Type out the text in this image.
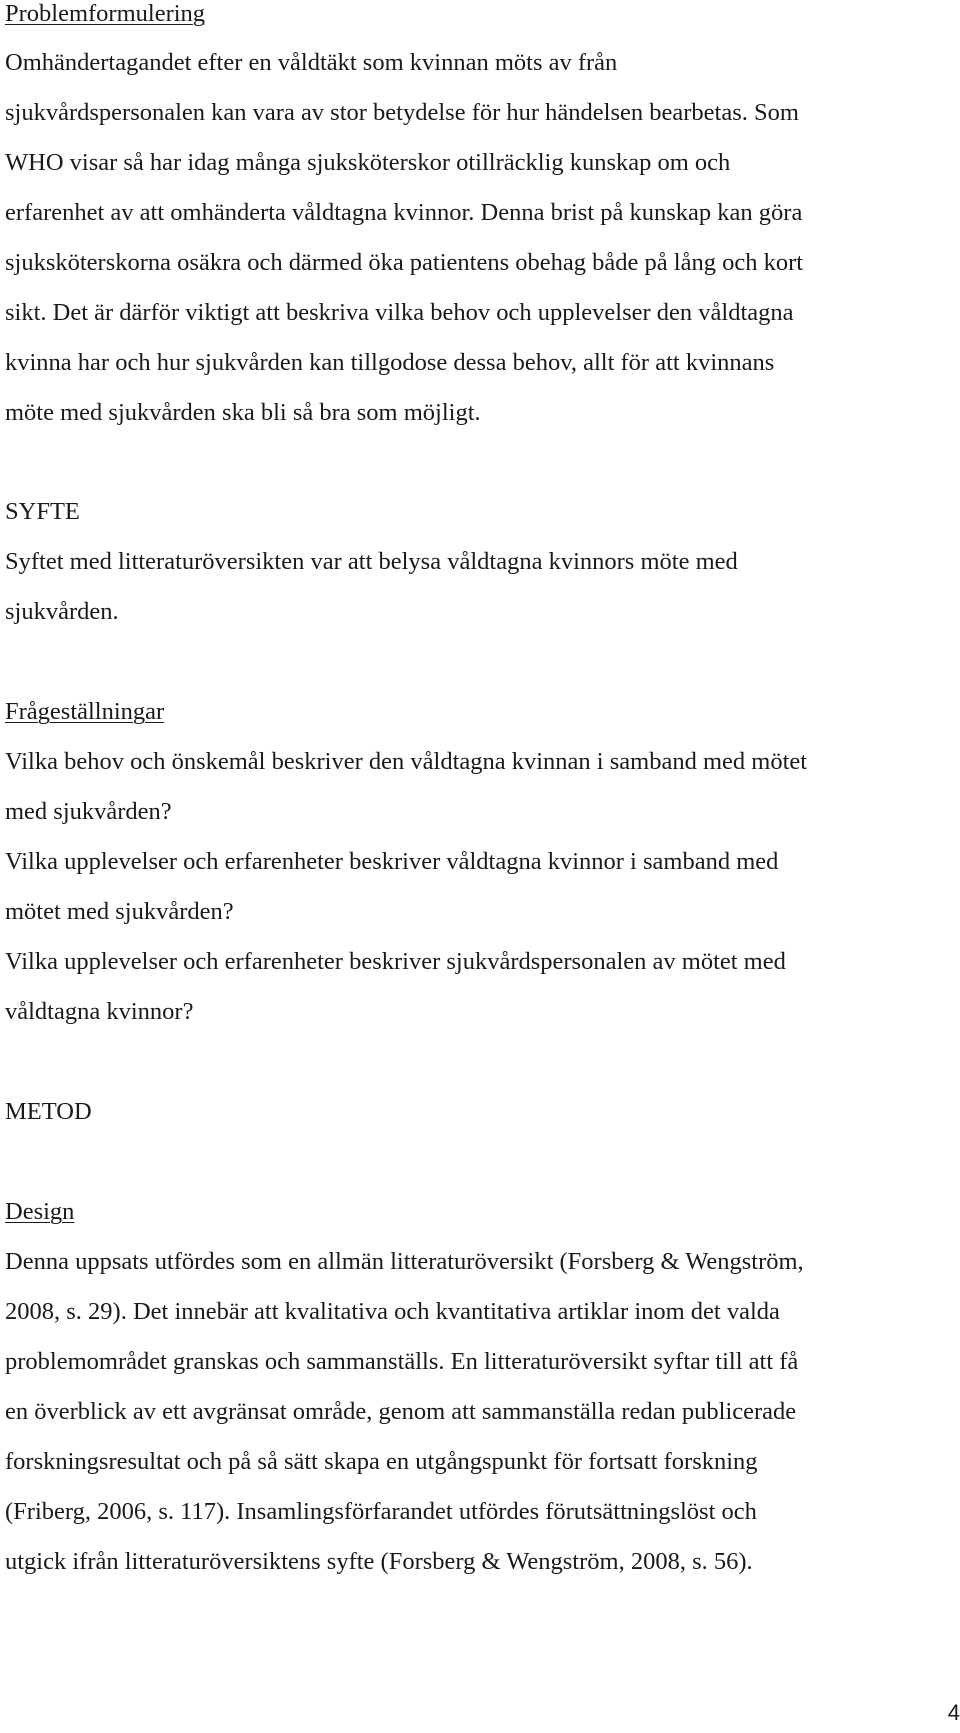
Problemformulering
Omhändertagandet efter en våldtäkt som kvinnan möts av från
sjukvårdspersonalen kan vara av stor betydelse för hur händelsen bearbetas. Som
WHO visar så har idag många sjuksköterskor otillräcklig kunskap om och
erfarenhet av att omhänderta våldtagna kvinnor. Denna brist på kunskap kan göra
sjuksköterskorna osäkra och därmed öka patientens obehag både på lång och kort
sikt. Det är därför viktigt att beskriva vilka behov och upplevelser den våldtagna
kvinna har och hur sjukvården kan tillgodose dessa behov, allt för att kvinnans
möte med sjukvården ska bli så bra som möjligt.
SYFTE
Syftet med litteraturöversikten var att belysa våldtagna kvinnors möte med
sjukvården.
Frågeställningar
Vilka behov och önskemål beskriver den våldtagna kvinnan i samband med mötet
med sjukvården?
Vilka upplevelser och erfarenheter beskriver våldtagna kvinnor i samband med
mötet med sjukvården?
Vilka upplevelser och erfarenheter beskriver sjukvårdspersonalen av mötet med
våldtagna kvinnor?
METOD
Design
Denna uppsats utfördes som en allmän litteraturöversikt (Forsberg & Wengström,
2008, s. 29). Det innebär att kvalitativa och kvantitativa artiklar inom det valda
problemområdet granskas och sammanställs. En litteraturöversikt syftar till att få
en överblick av ett avgränsat område, genom att sammanställa redan publicerade
forskningsresultat och på så sätt skapa en utgångspunkt för fortsatt forskning
(Friberg, 2006, s. 117). Insamlingsförfarandet utfördes förutsättningslöst och
utgick ifrån litteraturöversiktens syfte (Forsberg & Wengström, 2008, s. 56).
4
